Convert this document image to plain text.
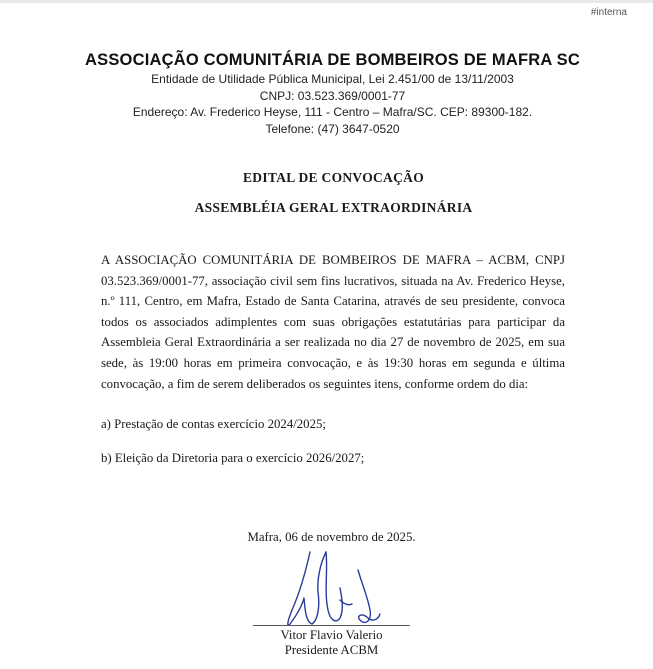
#interna

ASSOCIAÇÃO COMUNITÁRIA DE BOMBEIROS DE MAFRA SC

Entidade de Utilidade Pública Municipal, Lei 2.451/00 de 13/11/2003

CNPJ: 03.523.369/0001-77

Endereço: Av. Frederico Heyse, 111 - Centro – Mafra/SC. CEP: 89300-182.

Telefone: (47) 3647-0520

EDITAL DE CONVOCAÇÃO

ASSEMBLÉIA GERAL EXTRAORDINÁRIA

A ASSOCIAÇÃO COMUNITÁRIA DE BOMBEIROS DE MAFRA – ACBM, CNPJ 03.523.369/0001-77, associação civil sem fins lucrativos, situada na Av. Frederico Heyse, n.º 111, Centro, em Mafra, Estado de Santa Catarina, através de seu presidente, convoca todos os associados adimplentes com suas obrigações estatutárias para participar da Assembleia Geral Extraordinária a ser realizada no dia 27 de novembro de 2025, em sua sede, às 19:00 horas em primeira convocação, e às 19:30 horas em segunda e última convocação, a fim de serem deliberados os seguintes itens, conforme ordem do dia:

a) Prestação de contas exercício 2024/2025;

b) Eleição da Diretoria para o exercício 2026/2027;

Mafra, 06 de novembro de 2025.

Vitor Flavio Valerio

Presidente ACBM
